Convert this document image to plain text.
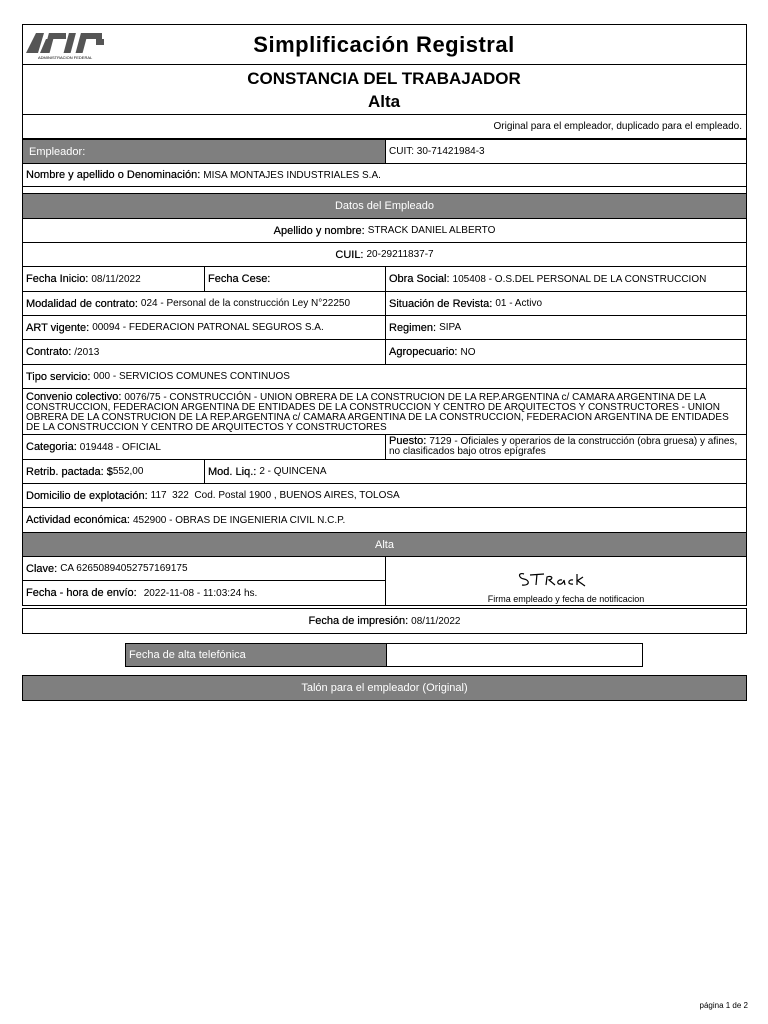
ADMINISTRACION FEDERAL
Simplificación Registral
CONSTANCIA DEL TRABAJADOR
Alta
Original para el empleador, duplicado para el empleado.
Empleador:	CUIT: 30-71421984-3
Nombre y apellido o Denominación: MISA MONTAJES INDUSTRIALES S.A.
Datos del Empleado
Apellido y nombre: STRACK DANIEL ALBERTO
CUIL: 20-29211837-7
Fecha Inicio: 08/11/2022	Fecha Cese:	Obra Social: 105408 - O.S.DEL PERSONAL DE LA CONSTRUCCION
Modalidad de contrato: 024 - Personal de la construcción Ley N°22250	Situación de Revista: 01 - Activo
ART vigente: 00094 - FEDERACION PATRONAL SEGUROS S.A.	Regimen: SIPA
Contrato: /2013	Agropecuario: NO
Tipo servicio: 000 - SERVICIOS COMUNES CONTINUOS
Convenio colectivo: 0076/75 - CONSTRUCCIÓN - UNION OBRERA DE LA CONSTRUCION DE LA REP.ARGENTINA c/ CAMARA ARGENTINA DE LA CONSTRUCCION, FEDERACION ARGENTINA DE ENTIDADES DE LA CONSTRUCCION Y CENTRO DE ARQUITECTOS Y CONSTRUCTORES - UNION OBRERA DE LA CONSTRUCION DE LA REP.ARGENTINA c/ CAMARA ARGENTINA DE LA CONSTRUCCION, FEDERACION ARGENTINA DE ENTIDADES DE LA CONSTRUCCION Y CENTRO DE ARQUITECTOS Y CONSTRUCTORES
Categoria: 019448 - OFICIAL	Puesto: 7129 - Oficiales y operarios de la construcción (obra gruesa) y afines, no clasificados bajo otros epígrafes
Retrib. pactada: $ 552,00	Mod. Liq.: 2 - QUINCENA
Domicilio de explotación: 117  322  Cod. Postal 1900 , BUENOS AIRES, TOLOSA
Actividad económica: 452900 - OBRAS DE INGENIERIA CIVIL N.C.P.
Alta
Clave: CA 62650894052757169175
Fecha - hora de envío: 2022-11-08 - 11:03:24 hs.
Firma empleado y fecha de notificacion
Fecha de impresión: 08/11/2022
Fecha de alta telefónica
Talón para el empleador (Original)
página 1 de 2
